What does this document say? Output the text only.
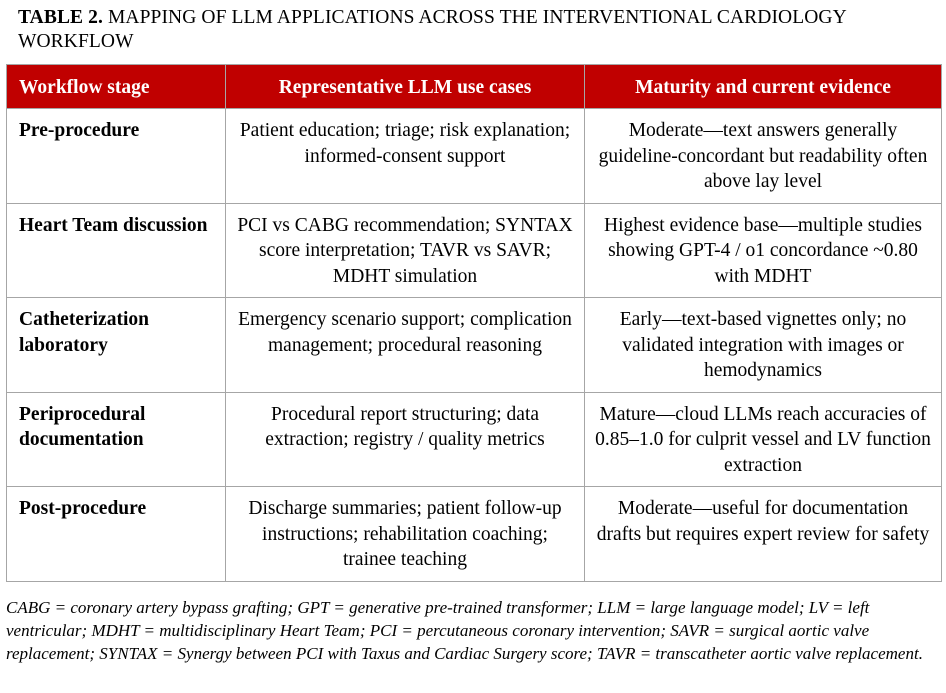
TABLE 2. MAPPING OF LLM APPLICATIONS ACROSS THE INTERVENTIONAL CARDIOLOGY WORKFLOW
Workflow stage	Representative LLM use cases	Maturity and current evidence
Pre-procedure	Patient education; triage; risk explanation; informed-consent support	Moderate—text answers generally guideline-concordant but readability often above lay level
Heart Team discussion	PCI vs CABG recommendation; SYNTAX score interpretation; TAVR vs SAVR; MDHT simulation	Highest evidence base—multiple studies showing GPT-4 / o1 concordance ~0.80 with MDHT
Catheterization laboratory	Emergency scenario support; complication management; procedural reasoning	Early—text-based vignettes only; no validated integration with images or hemodynamics
Periprocedural documentation	Procedural report structuring; data extraction; registry / quality metrics	Mature—cloud LLMs reach accuracies of 0.85–1.0 for culprit vessel and LV function extraction
Post-procedure	Discharge summaries; patient follow-up instructions; rehabilitation coaching; trainee teaching	Moderate—useful for documentation drafts but requires expert review for safety
CABG = coronary artery bypass grafting; GPT = generative pre-trained transformer; LLM = large language model; LV = left ventricular; MDHT = multidisciplinary Heart Team; PCI = percutaneous coronary intervention; SAVR = surgical aortic valve replacement; SYNTAX = Synergy between PCI with Taxus and Cardiac Surgery score; TAVR = transcatheter aortic valve replacement.
